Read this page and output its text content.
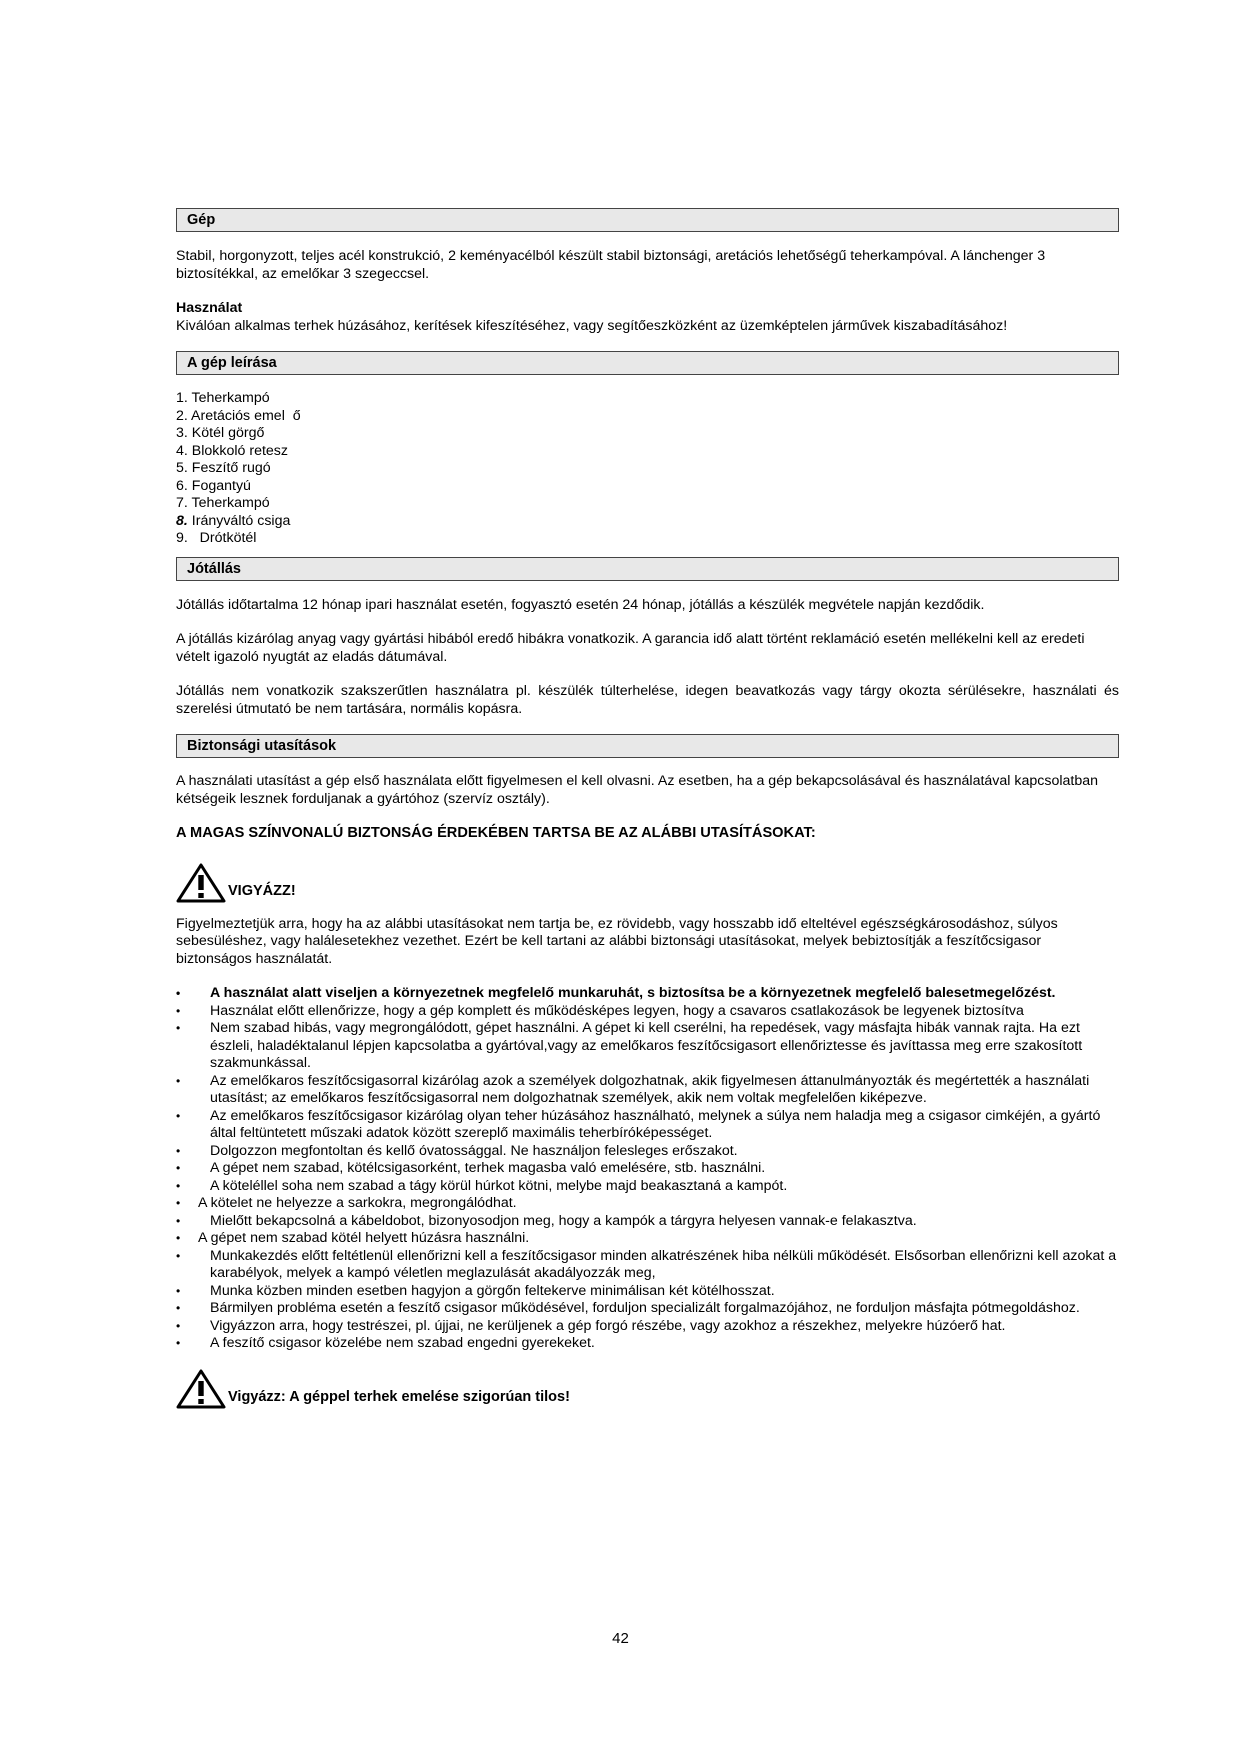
Gép

Stabil, horgonyzott, teljes acél konstrukció, 2 keményacélból készült stabil biztonsági, aretációs lehetőségű teherkampóval. A lánchenger 3 biztosítékkal, az emelőkar 3 szegeccsel.

Használat

Kiválóan alkalmas terhek húzásához, kerítések kifeszítéséhez, vagy segítőeszközként az üzemképtelen járművek kiszabadításához!

A gép leírása
1. Teherkampó
2. Aretációs emel  ő
3. Kötél görgő
4. Blokkoló retesz
5. Feszítő rugó
6. Fogantyú
7. Teherkampó
8. Irányváltó csiga
9.   Drótkötél
Jótállás

Jótállás időtartalma 12 hónap ipari használat esetén, fogyasztó esetén 24 hónap, jótállás a készülék megvétele napján kezdődik.

A jótállás kizárólag anyag vagy gyártási hibából eredő hibákra vonatkozik. A garancia idő alatt történt reklamáció esetén mellékelni kell az eredeti vételt igazoló nyugtát az eladás dátumával.

Jótállás nem vonatkozik szakszerűtlen használatra pl. készülék túlterhelése, idegen beavatkozás vagy tárgy okozta sérülésekre, használati és szerelési útmutató be nem tartására, normális kopásra.

Biztonsági utasítások

A használati utasítást a gép első használata előtt figyelmesen el kell olvasni. Az esetben, ha a gép bekapcsolásával és használatával kapcsolatban kétségeik lesznek forduljanak a gyártóhoz (szervíz osztály).

A MAGAS SZÍNVONALÚ BIZTONSÁG ÉRDEKÉBEN TARTSA BE AZ ALÁBBI UTASÍTÁSOKAT:

VIGYÁZZ!

Figyelmeztetjük arra, hogy ha az alábbi utasításokat nem tartja be, ez rövidebb, vagy hosszabb idő elteltével egészségkárosodáshoz, súlyos sebesüléshez, vagy halálesetekhez vezethet. Ezért be kell tartani az alábbi biztonsági utasításokat, melyek bebiztosítják a feszítőcsigasor biztonságos használatát.

• A használat alatt viseljen a környezetnek megfelelő munkaruhát, s biztosítsa be a környezetnek megfelelő balesetmegelőzést.
• Használat előtt ellenőrizze, hogy a gép komplett és működésképes legyen, hogy a csavaros csatlakozások be legyenek biztosítva
• Nem szabad hibás, vagy megrongálódott, gépet használni. A gépet ki kell cserélni, ha repedések, vagy másfajta hibák vannak rajta. Ha ezt észleli, haladéktalanul lépjen kapcsolatba a gyártóval,vagy az emelőkaros feszítőcsigasort ellenőriztesse és javíttassa meg erre szakosított szakmunkással.
• Az emelőkaros feszítőcsigasorral kizárólag azok a személyek dolgozhatnak, akik figyelmesen áttanulmányozták és megértették a használati utasítást; az emelőkaros feszítőcsigasorral nem dolgozhatnak személyek, akik nem voltak megfelelően kiképezve.
• Az emelőkaros feszítőcsigasor kizárólag olyan teher húzásához használható, melynek a súlya nem haladja meg a csigasor cimkéjén, a gyártó által feltüntetett műszaki adatok között szereplő maximális teherbíróképességet.
• Dolgozzon megfontoltan és kellő óvatossággal. Ne használjon felesleges erőszakot.
• A gépet nem szabad, kötélcsigasorként, terhek magasba való emelésére, stb. használni.
• A köteléllel soha nem szabad a tágy körül húrkot kötni, melybe majd beakasztaná a kampót.
• A kötelet ne helyezze a sarkokra, megrongálódhat.
• Mielőtt bekapcsolná a kábeldobot, bizonyosodjon meg, hogy a kampók a tárgyra helyesen vannak-e felakasztva.
• A gépet nem szabad kötél helyett húzásra használni.
• Munkakezdés előtt feltétlenül ellenőrizni kell a feszítőcsigasor minden alkatrészének hiba nélküli működését. Elsősorban ellenőrizni kell azokat a karabélyok, melyek a kampó véletlen meglazulását akadályozzák meg,
• Munka közben minden esetben hagyjon a görgőn feltekerve minimálisan két kötélhosszat.
• Bármilyen probléma esetén a feszítő csigasor működésével, forduljon specializált forgalmazójához, ne forduljon másfajta pótmegoldáshoz.
• Vigyázzon arra, hogy testrészei, pl. újjai, ne kerüljenek a gép forgó részébe, vagy azokhoz a részekhez, melyekre húzóerő hat.
• A feszítő csigasor közelébe nem szabad engedni gyerekeket.
Vigyázz: A géppel terhek emelése szigorúan tilos!
42
